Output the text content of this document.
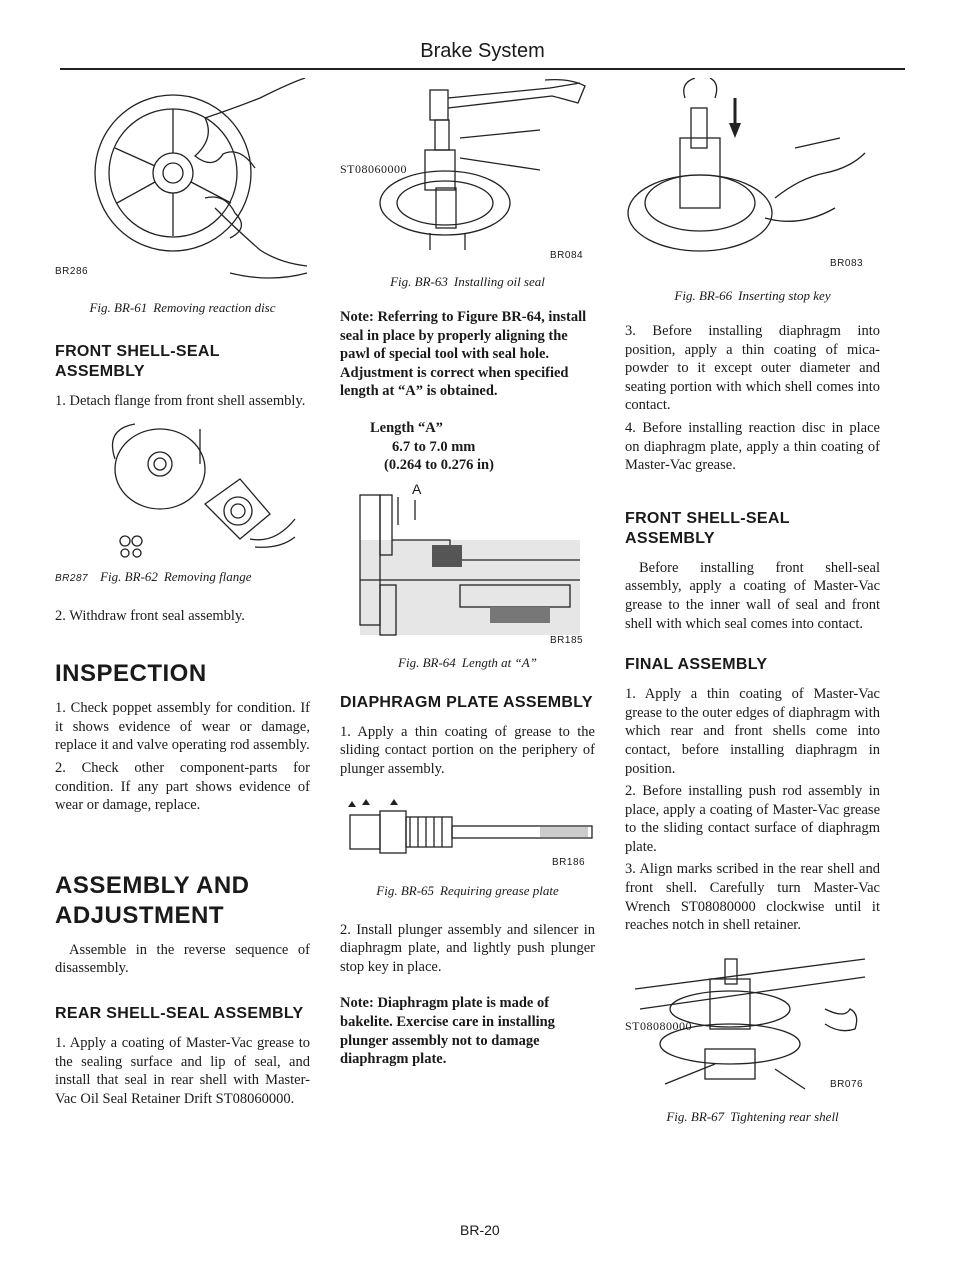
Brake System
BR286
Fig. BR-61 Removing reaction disc
FRONT SHELL-SEAL ASSEMBLY

1. Detach flange from front shell assembly.

BR287 Fig. BR-62 Removing flange

2. Withdraw front seal assembly.

INSPECTION

1. Check poppet assembly for condition. If it shows evidence of wear or damage, replace it and valve operating rod assembly.

2. Check other component-parts for condition. If any part shows evidence of wear or damage, replace.

ASSEMBLY AND ADJUSTMENT

Assemble in the reverse sequence of disassembly.

REAR SHELL-SEAL ASSEMBLY

1. Apply a coating of Master-Vac grease to the sealing surface and lip of seal, and install that seal in rear shell with Master-Vac Oil Seal Retainer Drift ST08060000.

ST08060000
BR084
Fig. BR-63 Installing oil seal
Note: Referring to Figure BR-64, install seal in place by properly aligning the pawl of special tool with seal hole. Adjustment is correct when specified length at “A” is obtained.
Length “A”
6.7 to 7.0 mm
(0.264 to 0.276 in)
A
BR185
Fig. BR-64 Length at “A”
DIAPHRAGM PLATE ASSEMBLY

1. Apply a thin coating of grease to the sliding contact portion on the periphery of plunger assembly.

BR186
Fig. BR-65 Requiring grease plate

2. Install plunger assembly and silencer in diaphragm plate, and lightly push plunger stop key in place.

Note: Diaphragm plate is made of bakelite. Exercise care in installing plunger assembly not to damage diaphragm plate.
BR083
Fig. BR-66 Inserting stop key

3. Before installing diaphragm into position, apply a thin coating of mica-powder to it except outer diameter and seating portion with which shell comes into contact.

4. Before installing reaction disc in place on diaphragm plate, apply a thin coating of Master-Vac grease.

FRONT SHELL-SEAL ASSEMBLY

Before installing front shell-seal assembly, apply a coating of Master-Vac grease to the inner wall of seal and front shell with which seal comes into contact.

FINAL ASSEMBLY

1. Apply a thin coating of Master-Vac grease to the outer edges of diaphragm with which rear and front shells come into contact, before installing diaphragm in position.

2. Before installing push rod assembly in place, apply a coating of Master-Vac grease to the sliding contact surface of diaphragm plate.

3. Align marks scribed in the rear shell and front shell. Carefully turn Master-Vac Wrench ST08080000 clockwise until it reaches notch in shell retainer.

ST08080000
BR076
Fig. BR-67 Tightening rear shell
BR-20
